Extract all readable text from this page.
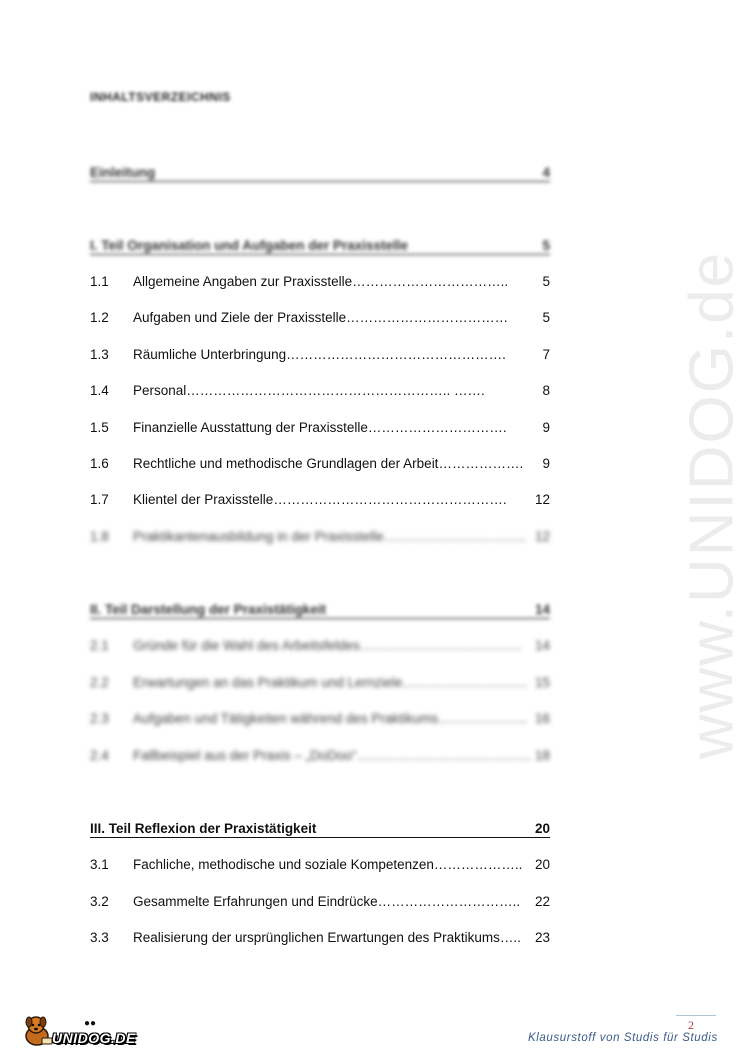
www.UNIDOG.de
INHALTSVERZEICHNIS
Einleitung	4
I. Teil Organisation und Aufgaben der Praxisstelle	5
1.1 Allgemeine Angaben zur Praxisstelle……………………………..	5
1.2 Aufgaben und Ziele der Praxisstelle………………………………	5
1.3 Räumliche Unterbringung………………………………………….	7
1.4 Personal………………………………………………….. …….	8
1.5 Finanzielle Ausstattung der Praxisstelle………………………….	9
1.6 Rechtliche und methodische Grundlagen der Arbeit………………. 9
1.7 Klientel der Praxisstelle……………………………………………. 12
1.8 Praktikantenausbildung in der Praxisstelle………………………….. 12
II. Teil Darstellung der Praxistätigkeit	14
2.1 Gründe für die Wahl des Arbeitsfeldes……………………………… 14
2.2 Erwartungen an das Praktikum und Lernziele………………………. 15
2.3 Aufgaben und Tätigkeiten während des Praktikums……………….. 16
2.4 Fallbeispiel aus der Praxis – „DoDoo“………………………………… 18
III. Teil Reflexion der Praxistätigkeit	20
3.1 Fachliche, methodische und soziale Kompetenzen……………….. 20
3.2 Gesammelte Erfahrungen und Eindrücke………………………….. 22
3.3 Realisierung der ursprünglichen Erwartungen des Praktikums….. 23
●●
UNIDOG.DE
2
Klausurstoff von Studis für Studis
